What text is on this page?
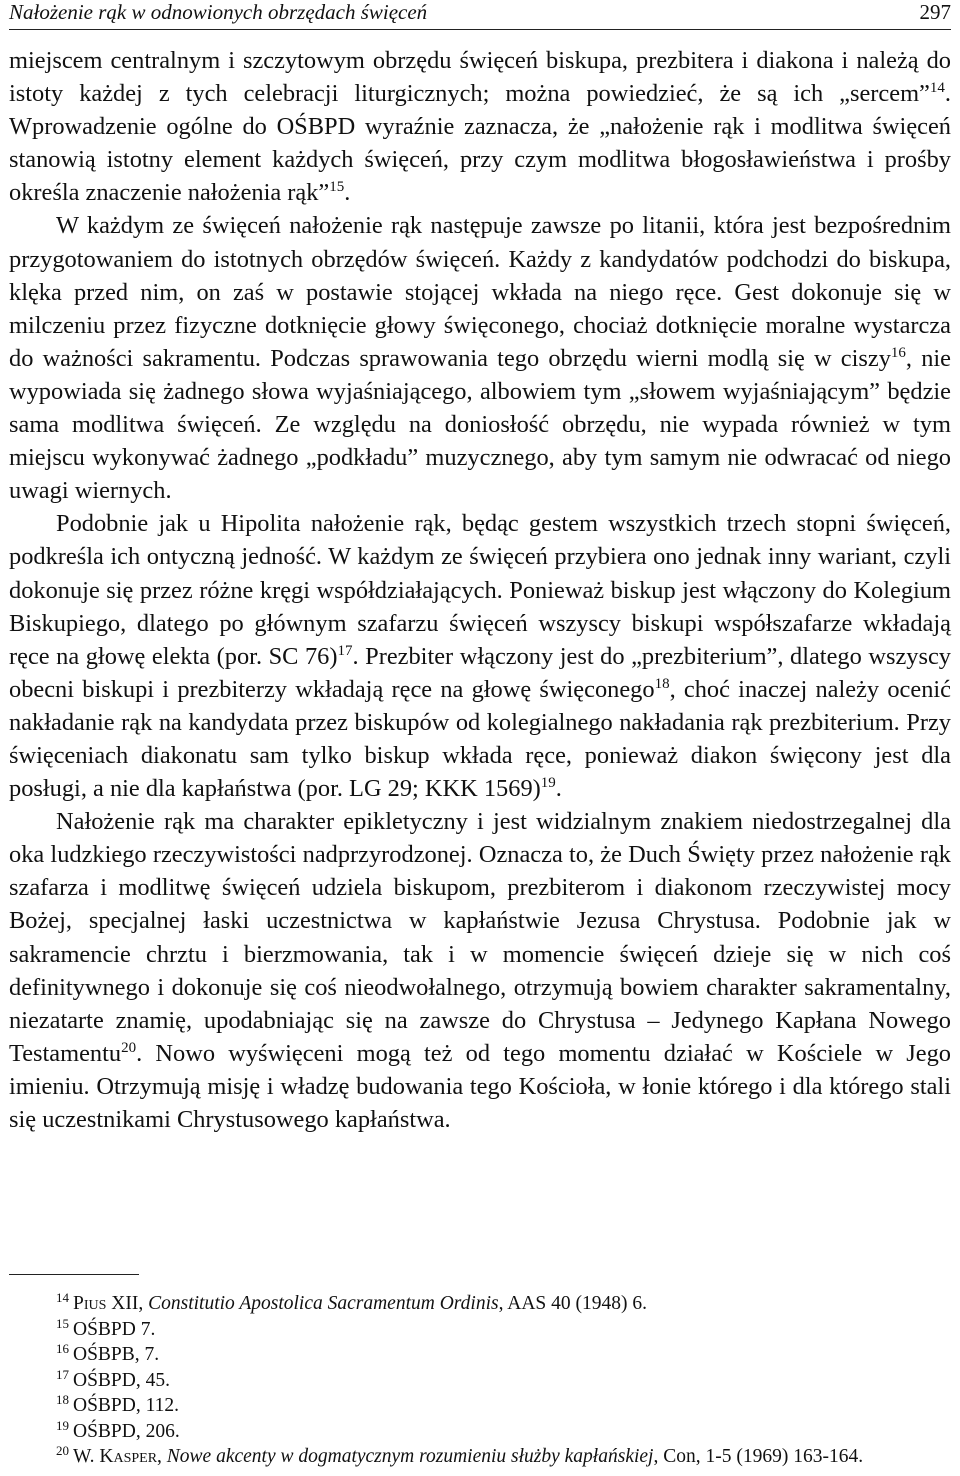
Nałożenie rąk w odnowionych obrzędach święceń	297

miejscem centralnym i szczytowym obrzędu święceń biskupa, prezbitera i diakona i należą do istoty każdej z tych celebracji liturgicznych; można powiedzieć, że są ich „sercem”$^{14}$. Wprowadzenie ogólne do OŚBPD wyraźnie zaznacza, że „nałożenie rąk i modlitwa święceń stanowią istotny element każdych święceń, przy czym modlitwa błogosławieństwa i prośby określa znaczenie nałożenia rąk”$^{15}$.

W każdym ze święceń nałożenie rąk następuje zawsze po litanii, która jest bezpośrednim przygotowaniem do istotnych obrzędów święceń. Każdy z kandydatów podchodzi do biskupa, klęka przed nim, on zaś w postawie stojącej wkłada na niego ręce. Gest dokonuje się w milczeniu przez fizyczne dotknięcie głowy święconego, chociaż dotknięcie moralne wystarcza do ważności sakramentu. Podczas sprawowania tego obrzędu wierni modlą się w ciszy$^{16}$, nie wypowiada się żadnego słowa wyjaśniającego, albowiem tym „słowem wyjaśniającym” będzie sama modlitwa święceń. Ze względu na doniosłość obrzędu, nie wypada również w tym miejscu wykonywać żadnego „podkładu” muzycznego, aby tym samym nie odwracać od niego uwagi wiernych.

Podobnie jak u Hipolita nałożenie rąk, będąc gestem wszystkich trzech stopni święceń, podkreśla ich ontyczną jedność. W każdym ze święceń przybiera ono jednak inny wariant, czyli dokonuje się przez różne kręgi współdziałających. Ponieważ biskup jest włączony do Kolegium Biskupiego, dlatego po głównym szafarzu święceń wszyscy biskupi współszafarze wkładają ręce na głowę elekta (por. SC 76)$^{17}$. Prezbiter włączony jest do „prezbiterium”, dlatego wszyscy obecni biskupi i prezbiterzy wkładają ręce na głowę święconego$^{18}$, choć inaczej należy ocenić nakładanie rąk na kandydata przez biskupów od kolegialnego nakładania rąk prezbiterium. Przy święceniach diakonatu sam tylko biskup wkłada ręce, ponieważ diakon święcony jest dla posługi, a nie dla kapłaństwa (por. LG 29; KKK 1569)$^{19}$.

Nałożenie rąk ma charakter epikletyczny i jest widzialnym znakiem niedostrzegalnej dla oka ludzkiego rzeczywistości nadprzyrodzonej. Oznacza to, że Duch Święty przez nałożenie rąk szafarza i modlitwę święceń udziela biskupom, prezbiterom i diakonom rzeczywistej mocy Bożej, specjalnej łaski uczestnictwa w kapłaństwie Jezusa Chrystusa. Podobnie jak w sakramencie chrztu i bierzmowania, tak i w momencie święceń dzieje się w nich coś definitywnego i dokonuje się coś nieodwołalnego, otrzymują bowiem charakter sakramentalny, niezatarte znamię, upodabniając się na zawsze do Chrystusa – Jedynego Kapłana Nowego Testamentu$^{20}$. Nowo wyświęceni mogą też od tego momentu działać w Kościele w Jego imieniu. Otrzymują misję i władzę budowania tego Kościoła, w łonie którego i dla którego stali się uczestnikami Chrystusowego kapłaństwa.

$^{14}$ Pius XII, Constitutio Apostolica Sacramentum Ordinis, AAS 40 (1948) 6.
$^{15}$ OŚBPD 7.
$^{16}$ OŚBPB, 7.
$^{17}$ OŚBPD, 45.
$^{18}$ OŚBPD, 112.
$^{19}$ OŚBPD, 206.
$^{20}$ W. Kasper, Nowe akcenty w dogmatycznym rozumieniu służby kapłańskiej, Con, 1-5 (1969) 163-164.
